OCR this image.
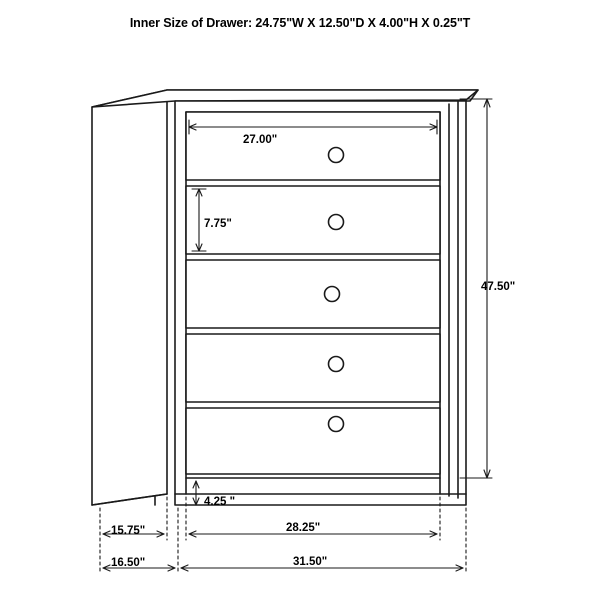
Inner Size of Drawer: 24.75"W X 12.50"D X 4.00"H X 0.25"T
27.00"
7.75"
47.50"
4.25 "
15.75"	28.25"
16.50"	31.50"
